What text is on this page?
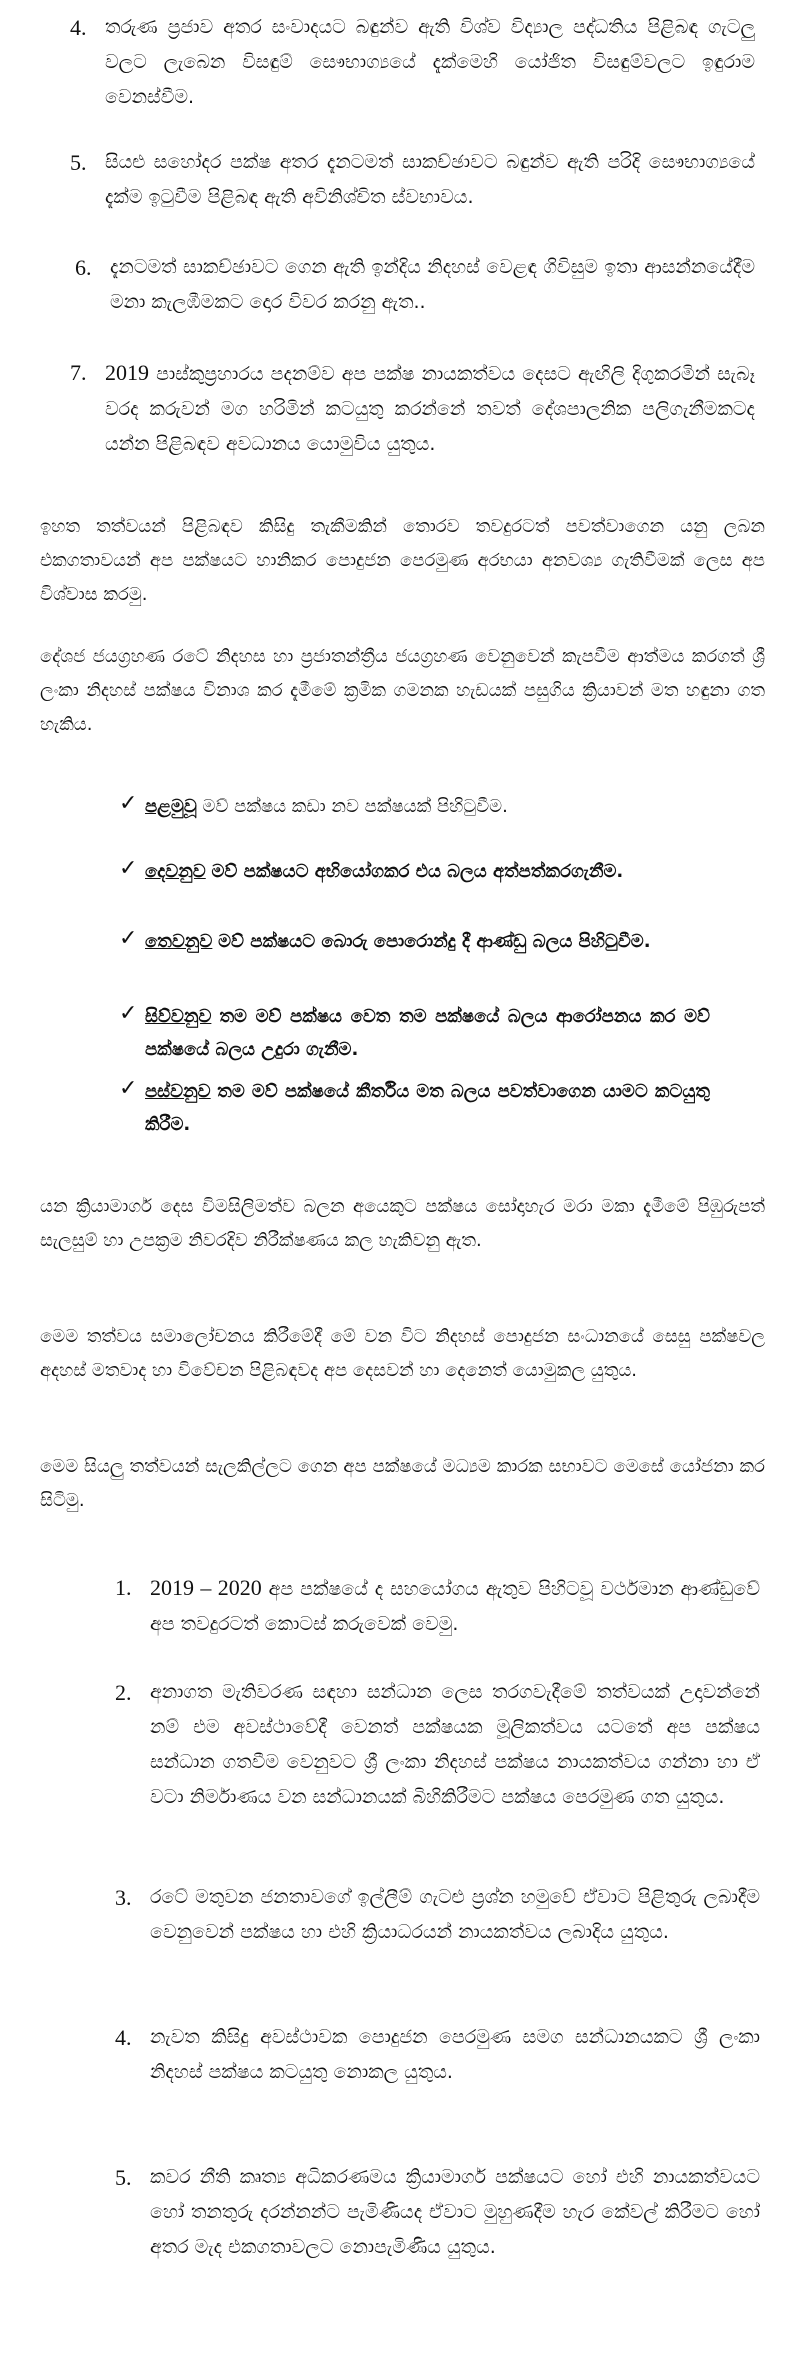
4. තරුණ ප්‍රජාව අතර සංවාදයට බඳුන්ව ඇති විශ්ව විද්‍යාල පද්ධතිය පිළිබඳ ගැටලු වලට ලැබෙන විසඳුම් සෞභාග්‍යයේ දැක්මෙහි යෝජිත විසඳුම්වලට ඉඳුරාම වෙනස්වීම.
5. සියළු සහෝදර පක්ෂ අතර දැනටමත් සාකච්ඡාවට බඳුන්ව ඇති පරිදි සෞභාග්‍යයේ දැක්ම ඉටුවීම පිළිබඳ ඇති අවිනිශ්චිත ස්වභාවය.
6. දැනටමත් සාකච්ඡාවට ගෙන ඇති ඉන්දිය නිදහස් වෙළඳ ගිවිසුම ඉතා ආසන්නයේදීම මනා කැලඹීමකට දොර විවර කරනු ඇත..
7. 2019 පාස්කුප්‍රහාරය පදනම්ව අප පක්ෂ නායකත්වය දෙසට ඇඟිලි දිගුකරමින් සැබෑ වරද කරුවන් මග හරිමින් කටයුතු කරන්නේ තවත් දේශපාලනික පලිගැනීමකටද යන්න පිළිබඳව අවධානය යොමුවිය යුතුය.
ඉහත තත්වයන් පිළිබඳව කිසිදු තැකීමකින් තොරව තවදුරටත් පවත්වාගෙන යනු ලබන එකගතාවයන් අප පක්ෂයට හානිකර පොදුජන පෙරමුණ අරභයා අනවශ්‍ය ගැතිවීමක් ලෙස අප විශ්වාස කරමු.
දේශජ ජයග්‍රහණ රටේ නිදහස හා ප්‍රජාතන්ත්‍රීය ජයග්‍රහණ වෙනුවෙන් කැපවීම ආත්මය කරගත් ශ්‍රී ලංකා නිදහස් පක්ෂය විනාශ කර දැමීමේ ක්‍රමික ගමනක හැඩයක් පසුගිය ක්‍රියාවන් මත හඳුනා ගත හැකිය.
✓ පළමුවූ මව් පක්ෂය කඩා නව පක්ෂයක් පිහිටුවීම.
✓ දෙවනුව මව් පක්ෂයට අභියෝගකර එය බලය අත්පත්කරගැනීම.
✓ තෙවනුව මව් පක්ෂයට බොරු පොරොන්දු දී ආණ්ඩු බලය පිහිටුවීම.
✓ සිව්වනුව තම මව් පක්ෂය වෙත තම පක්ෂයේ බලය ආරෝපනය කර මව් පක්ෂයේ බලය උදුරා ගැනීම.
✓ පස්වනුව තම මව් පක්ෂයේ කීර්තිය මත බලය පවත්වාගෙන යාමට කටයුතු කිරීම.
යන ක්‍රියාමාර්ග දෙස විමසිලිමත්ව බලන අයෙකුට පක්ෂය සෝදාහැර මරා මකා දැමීමේ පිඹුරුපත් සැලසුම් හා උපක්‍රම නිවරදිව නිරීක්ෂණය කල හැකිවනු ඇත.
මෙම තත්වය සමාලෝචනය කිරීමේදී මේ වන විට නිදහස් පොදුජන සංධානයේ සෙසු පක්ෂවල අදහස් මතවාද හා විවේචන පිළිබඳවද අප දෙසවන් හා දෙනෙත් යොමුකල යුතුය.
මෙම සියලු තත්වයන් සැලකිල්ලට ගෙන අප පක්ෂයේ මධ්‍යම කාරක සභාවට මෙසේ යෝජනා කර සිටිමු.
1. 2019 – 2020 අප පක්ෂයේ ද සහයෝගය ඇතුව පිහිටවූ වර්ථමාන ආණ්ඩුවේ අප තවදුරටත් කොටස් කරුවෙක් වෙමු.
2. අනාගත මැතිවරණ සඳහා සන්ධාන ලෙස තරගවැදීමේ තත්වයක් උදාවන්නේ නම් එම අවස්ථාවේදී වෙනත් පක්ෂයක මූලිකත්වය යටතේ අප පක්ෂය සන්ධාන ගතවීම වෙනුවට ශ්‍රී ලංකා නිදහස් පක්ෂය නායකත්වය ගන්නා හා ඒ වටා නිර්මාණය වන සන්ධානයක් බිහිකිරීමට පක්ෂය පෙරමුණ ගත යුතුය.
3. රටේ මතුවන ජනතාවගේ ඉල්ලීම් ගැටළු ප්‍රශ්න හමුවේ ඒවාට පිළිතුරු ලබාදීම වෙනුවෙන් පක්ෂය හා එහි ක්‍රියාධරයන් නායකත්වය ලබාදිය යුතුය.
4. නැවත කිසිදු අවස්ථාවක පොදුජන පෙරමුණ සමග සන්ධානයකට ශ්‍රී ලංකා නිදහස් පක්ෂය කටයුතු නොකල යුතුය.
5. කවර නීති කෘත්‍ය අධිකරණමය ක්‍රියාමාර්ග පක්ෂයට හෝ එහි නායකත්වයට හෝ තනතුරු දරන්නන්ට පැමිණියද ඒවාට මුහුණදීම හැර කේවල් කිරීමට හෝ අතර මැද එකගතාවලට නොපැමිණිය යුතුය.
